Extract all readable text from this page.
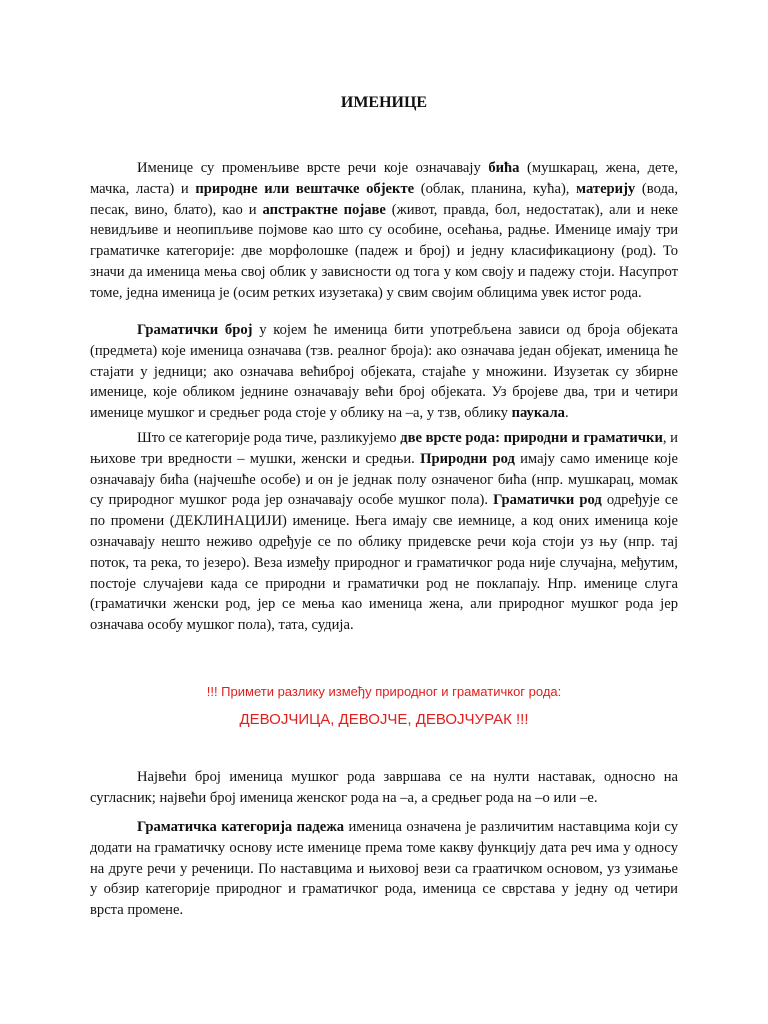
ИМЕНИЦЕ

Именице су променљиве врсте речи које означавају бића (мушкарац, жена, дете, мачка, ласта) и природне или вештачке објекте (облак, планина, кућа), материју (вода, песак, вино, блато), као и апстрактне појаве (живот, правда, бол, недостатак), али и неке невидљиве и неопипљиве појмове као што су особине, осећања, радње. Именице имају три граматичке категорије: две морфолошке (падеж и број) и једну класификациону (род). То значи да именица мења свој облик у зависности од тога у ком своју и падежу стоји. Насупрот томе, једна именица је (осим ретких изузетака) у свим својим облицима увек истог рода.

Граматички број у којем ће именица бити употребљена зависи од броја објеката (предмета) које именица означава (тзв. реалног броја): ако означава један објекат, именица ће стајати у једници; ако означава већиброј објеката, стајаће у множини. Изузетак су збирне именице, које обликом једнине означавају већи број објеката. Уз бројеве два, три и четири именице мушког и средњег рода стоје у облику на –а, у тзв, облику паукала.

Што се категорије рода тиче, разликујемо две врсте рода: природни и граматички, и њихове три вредности – мушки, женски и средњи. Природни род имају само именице које означавају бића (најчешће особе) и он је једнак полу означеног бића (нпр. мушкарац, момак су природног мушког рода јер означавају особе мушког пола). Граматички род одређује се по промени (ДЕКЛИНАЦИЈИ) именице. Њега имају све иемнице, а код оних именица које означавају нешто неживо одређује се по облику придевске речи која стоји уз њу (нпр. тај поток, та река, то језеро). Веза између природног и граматичког рода није случајна, међутим, постоје случајеви када се природни и граматички род не поклапају. Нпр. именице слуга (граматички женски род, јер се мења као именица жена, али природног мушког рода јер означава особу мушког пола), тата, судија.

!!! Примети разлику између природног и граматичког рода:

ДЕВОЈЧИЦА, ДЕВОЈЧЕ, ДЕВОЈЧУРАК !!!

Највећи број именица мушког рода завршава се на нулти наставак, односно на сугласник; највећи број именица женског рода на –а, а средњег рода на –о или –е.

Граматичка категорија падежа именица означена је различитим наставцима који су додати на граматичку основу исте именице према томе какву функцију дата реч има у односу на друге речи у реченици. По наставцима и њиховој вези са граатичком основом, уз узимање у обзир категорије природног и граматичког рода, именица се сврстава у једну од четири врста промене.
